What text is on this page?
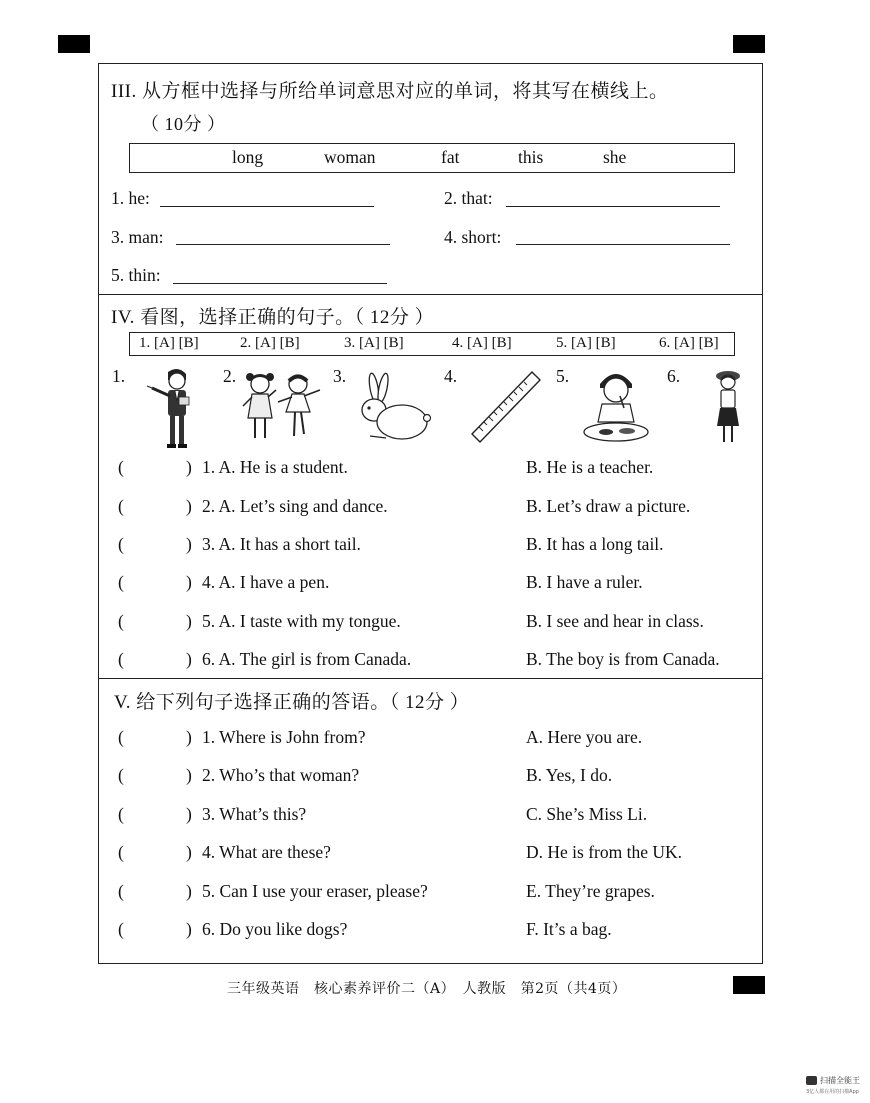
III. 从方框中选择与所给单词意思对应的单词，将其写在横线上。
（ 10分 ）
long	woman	fat	this	she
1. he:	2. that:
3. man:	4. short:
5. thin:
IV. 看图，选择正确的句子。（ 12分 ）
1. [A] [B]	2. [A] [B]	3. [A] [B]	4. [A] [B]	5. [A] [B]	6. [A] [B]
1.	2.	3.	4.	5.	6.
(	) 1. A. He is a student.	B. He is a teacher.
(	) 2. A. Let’s sing and dance.	B. Let’s draw a picture.
(	) 3. A. It has a short tail.	B. It has a long tail.
(	) 4. A. I have a pen.	B. I have a ruler.
(	) 5. A. I taste with my tongue.	B. I see and hear in class.
(	) 6. A. The girl is from Canada.	B. The boy is from Canada.
V. 给下列句子选择正确的答语。（ 12分 ）
(	) 1. Where is John from?	A. Here you are.
(	) 2. Who’s that woman?	B. Yes, I do.
(	) 3. What’s this?	C. She’s Miss Li.
(	) 4. What are these?	D. He is from the UK.
(	) 5. Can I use your eraser, please?	E. They’re grapes.
(	) 6. Do you like dogs?	F. It’s a bag.
三年级英语　核心素养评价二（A）　人教版　第2页（共4页）
扫描全能王
3亿人都在用的扫描App
